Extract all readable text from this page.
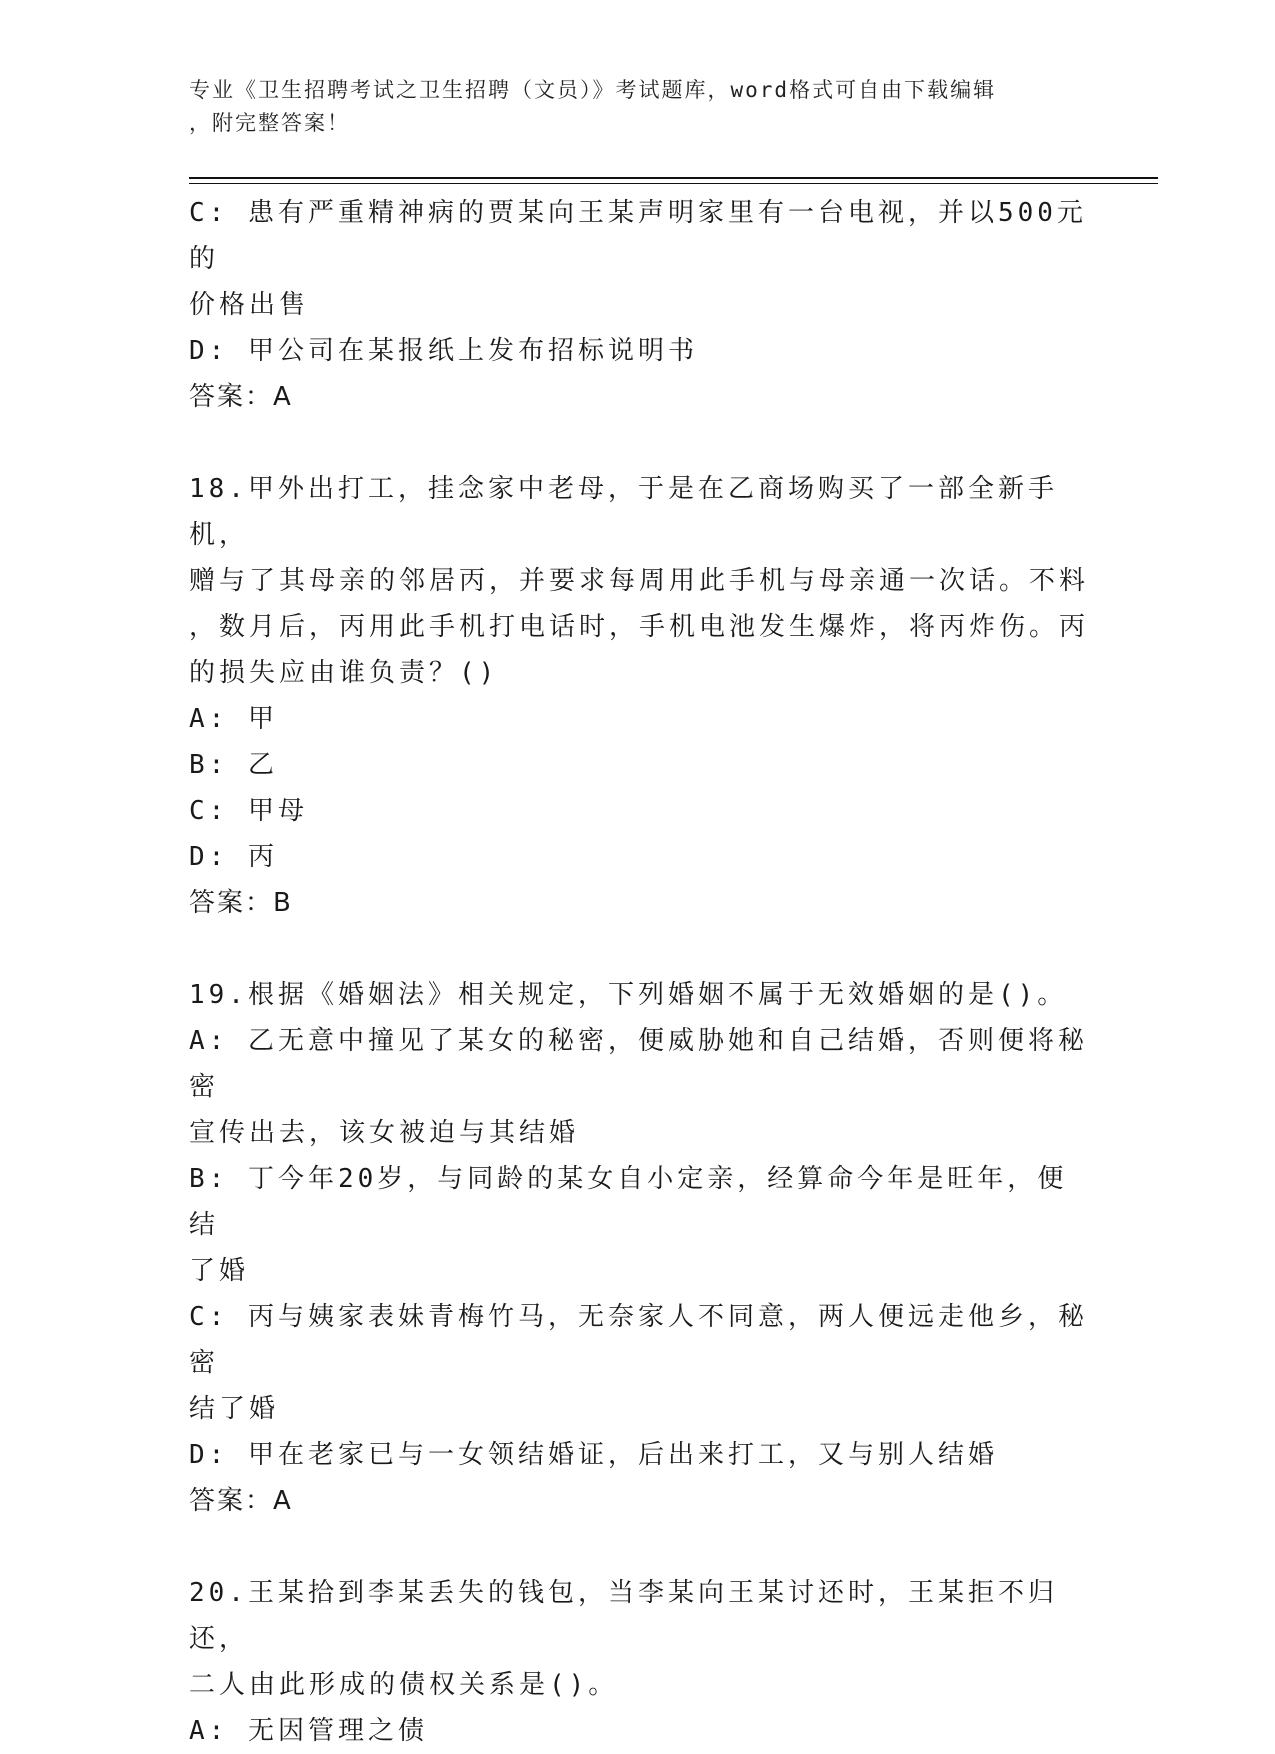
专业《卫生招聘考试之卫生招聘（文员）》考试题库，word格式可自由下载编辑
，附完整答案！
C: 患有严重精神病的贾某向王某声明家里有一台电视，并以500元的
价格出售
D: 甲公司在某报纸上发布招标说明书
答案：A
18.甲外出打工，挂念家中老母，于是在乙商场购买了一部全新手机，
赠与了其母亲的邻居丙，并要求每周用此手机与母亲通一次话。不料
，数月后，丙用此手机打电话时，手机电池发生爆炸，将丙炸伤。丙
的损失应由谁负责？()
A: 甲
B: 乙
C: 甲母
D: 丙
答案：B
19.根据《婚姻法》相关规定，下列婚姻不属于无效婚姻的是()。
A: 乙无意中撞见了某女的秘密，便威胁她和自己结婚，否则便将秘密
宣传出去，该女被迫与其结婚
B: 丁今年20岁，与同龄的某女自小定亲，经算命今年是旺年，便结
了婚
C: 丙与姨家表妹青梅竹马，无奈家人不同意，两人便远走他乡，秘密
结了婚
D: 甲在老家已与一女领结婚证，后出来打工，又与别人结婚
答案：A
20.王某拾到李某丢失的钱包，当李某向王某讨还时，王某拒不归还，
二人由此形成的债权关系是()。
A: 无因管理之债
